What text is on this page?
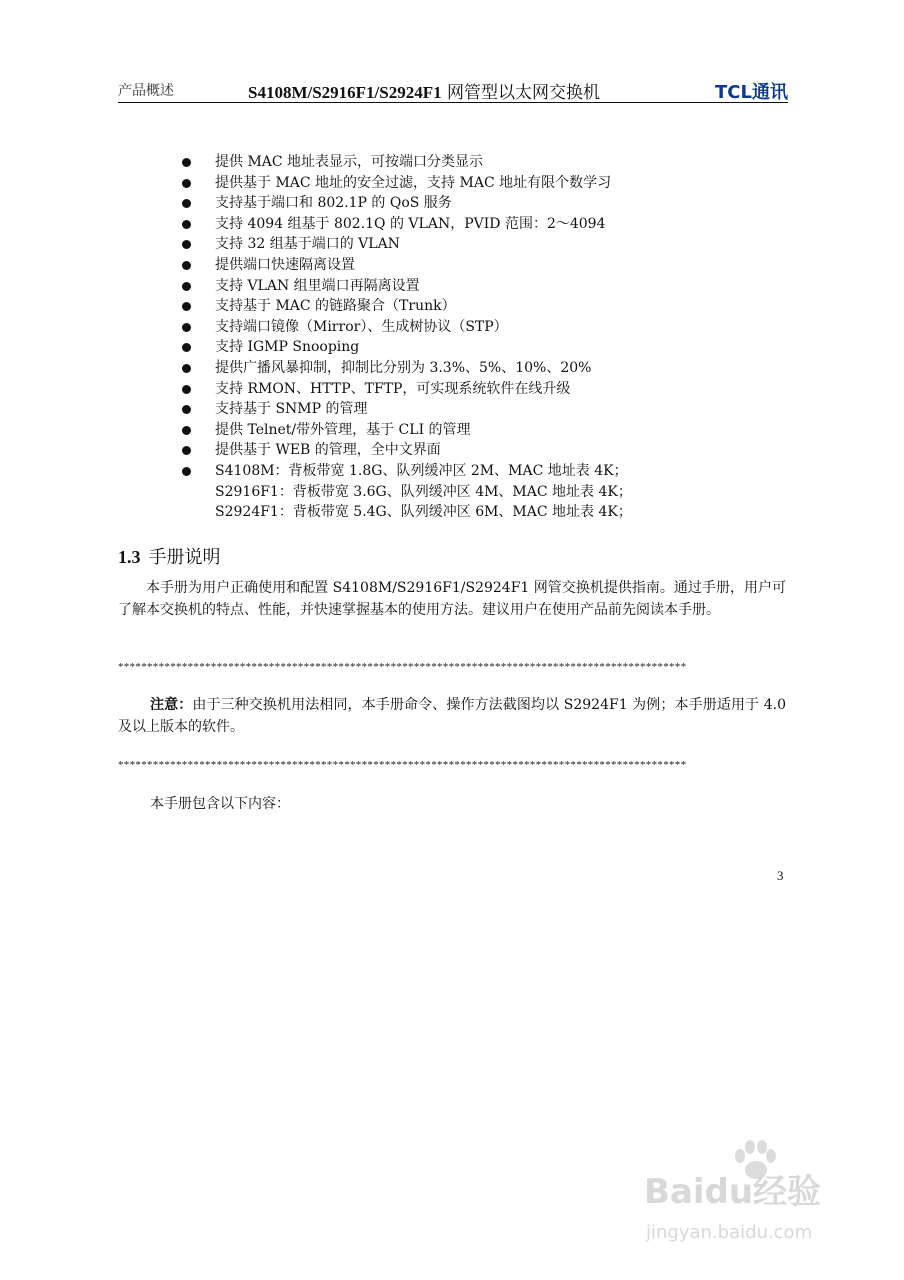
产品概述	S4108M/S2916F1/S2924F1 网管型以太网交换机	TCL通讯
提供 MAC 地址表显示，可按端口分类显示
提供基于 MAC 地址的安全过滤，支持 MAC 地址有限个数学习
支持基于端口和 802.1P 的 QoS 服务
支持 4094 组基于 802.1Q 的 VLAN，PVID 范围：2～4094
支持 32 组基于端口的 VLAN
提供端口快速隔离设置
支持 VLAN 组里端口再隔离设置
支持基于 MAC 的链路聚合（Trunk）
支持端口镜像（Mirror）、生成树协议（STP）
支持 IGMP Snooping
提供广播风暴抑制，抑制比分别为 3.3%、5%、10%、20%
支持 RMON、HTTP、TFTP，可实现系统软件在线升级
支持基于 SNMP 的管理
提供 Telnet/带外管理，基于 CLI 的管理
提供基于 WEB 的管理，全中文界面
S4108M：背板带宽 1.8G、队列缓冲区 2M、MAC 地址表 4K；
S2916F1：背板带宽 3.6G、队列缓冲区 4M、MAC 地址表 4K；
S2924F1：背板带宽 5.4G、队列缓冲区 6M、MAC 地址表 4K；
1.3 手册说明
　　本手册为用户正确使用和配置 S4108M/S2916F1/S2924F1 网管交换机提供指南。通过手册，用户可了解本交换机的特点、性能，并快速掌握基本的使用方法。建议用户在使用产品前先阅读本手册。
**************************************************************************************************
注意：由于三种交换机用法相同，本手册命令、操作方法截图均以 S2924F1 为例；本手册适用于 4.0 及以上版本的软件。
**************************************************************************************************
本手册包含以下内容：
3
Baidu经验
jingyan.baidu.com
